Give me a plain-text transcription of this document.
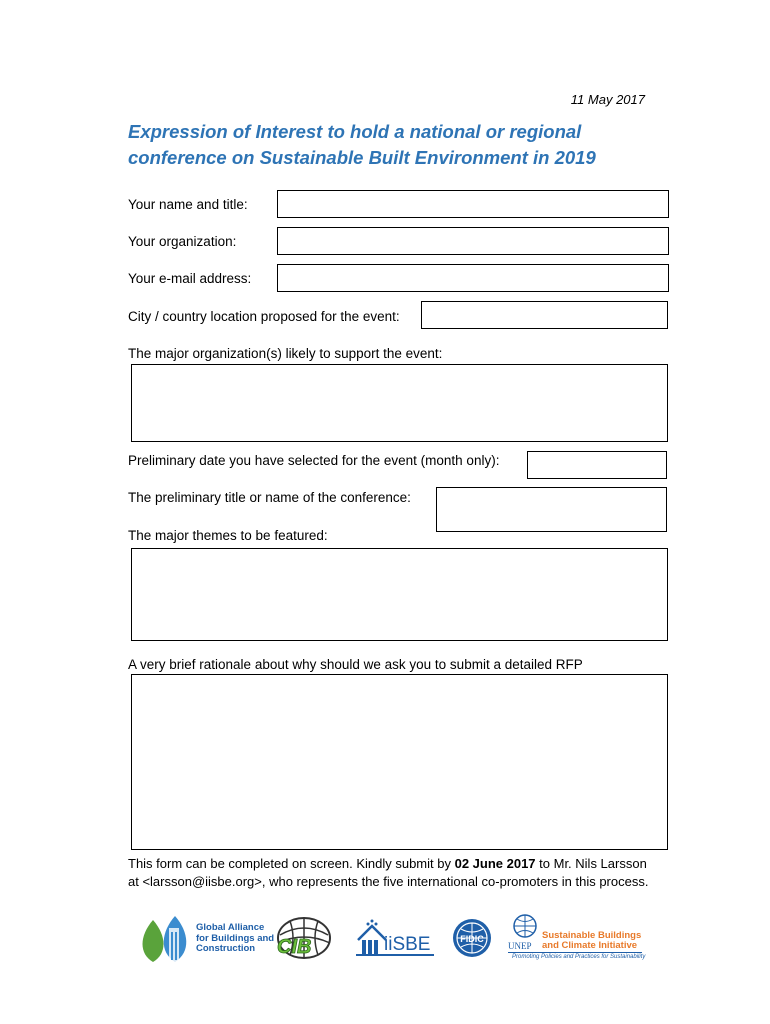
11 May 2017
Expression of Interest to hold a national or regional
conference on Sustainable Built Environment in 2019
Your name and title:
Your organization:
Your e-mail address:
City / country location proposed for the event:
The major organization(s) likely to support the event:
Preliminary date you have selected for the event (month only):
The preliminary title or name of the conference:
The major themes to be featured:
A very brief rationale about why should we ask you to submit a detailed RFP
This form can be completed on screen. Kindly submit by 02 June 2017 to Mr. Nils Larsson
at <larsson@iisbe.org>, who represents the five international co-promoters in this process.
Global Alliance
for Buildings and
Construction	CIB	iiSBE	FIDIC
UNEP
Sustainable Buildings
and Climate Initiative
Promoting Policies and Practices for Sustainability
